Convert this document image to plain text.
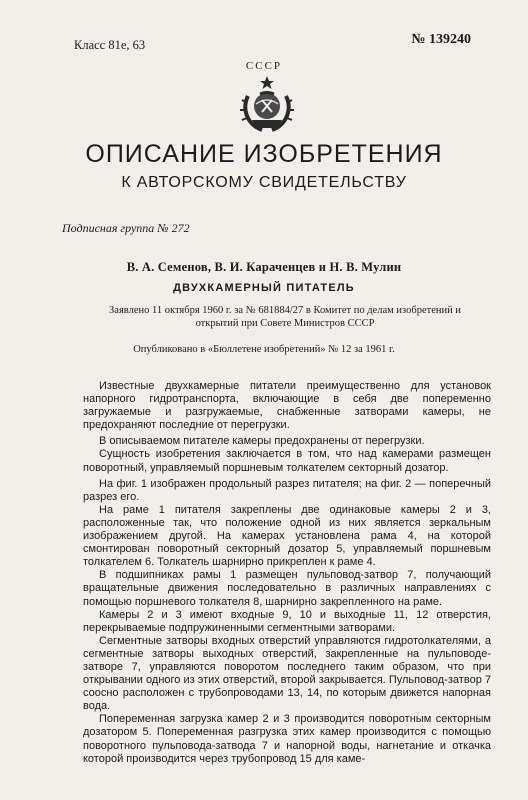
Класс 81е, 63	№ 139240
СССР
ОПИСАНИЕ ИЗОБРЕТЕНИЯ
К АВТОРСКОМУ СВИДЕТЕЛЬСТВУ
Подписная группа № 272
В. А. Семенов, В. И. Караченцев и Н. В. Мулин
ДВУХКАМЕРНЫЙ ПИТАТЕЛЬ
Заявлено 11 октября 1960 г. за № 681884/27 в Комитет по делам изобретений и открытий при Совете Министров СССР
Опубликовано в «Бюллетене изобретений» № 12 за 1961 г.

Известные двухкамерные питатели преимущественно для установок напорного гидротранспорта, включающие в себя две попеременно загружаемые и разгружаемые, снабженные затворами камеры, не предохраняют последние от перегрузки.

В описываемом питателе камеры предохранены от перегрузки.

Сущность изобретения заключается в том, что над камерами размещен поворотный, управляемый поршневым толкателем секторный дозатор.

На фиг. 1 изображен продольный разрез питателя; на фиг. 2 — поперечный разрез его.

На раме 1 питателя закреплены две одинаковые камеры 2 и 3, расположенные так, что положение одной из них является зеркальным изображением другой. На камерах установлена рама 4, на которой смонтирован поворотный секторный дозатор 5, управляемый поршневым толкателем 6. Толкатель шарнирно прикреплен к раме 4.

В подшипниках рамы 1 размещен пульповод-затвор 7, получающий вращательные движения последовательно в различных направлениях с помощью поршневого толкателя 8, шарнирно закрепленного на раме.

Камеры 2 и 3 имеют входные 9, 10 и выходные 11, 12 отверстия, перекрываемые подпружиненными сегментными затворами.

Сегментные затворы входных отверстий управляются гидротолкателями, а сегментные затворы выходных отверстий, закрепленные на пульповоде-затворе 7, управляются поворотом последнего таким образом, что при открывании одного из этих отверстий, второй закрывается. Пульповод-затвор 7 соосно расположен с трубопроводами 13, 14, по которым движется напорная вода.

Попеременная загрузка камер 2 и 3 производится поворотным секторным дозатором 5. Попеременная разгрузка этих камер производится с помощью поворотного пульповода-затвода 7 и напорной воды, нагнетание и откачка которой производится через трубопровод 15 для каме-
